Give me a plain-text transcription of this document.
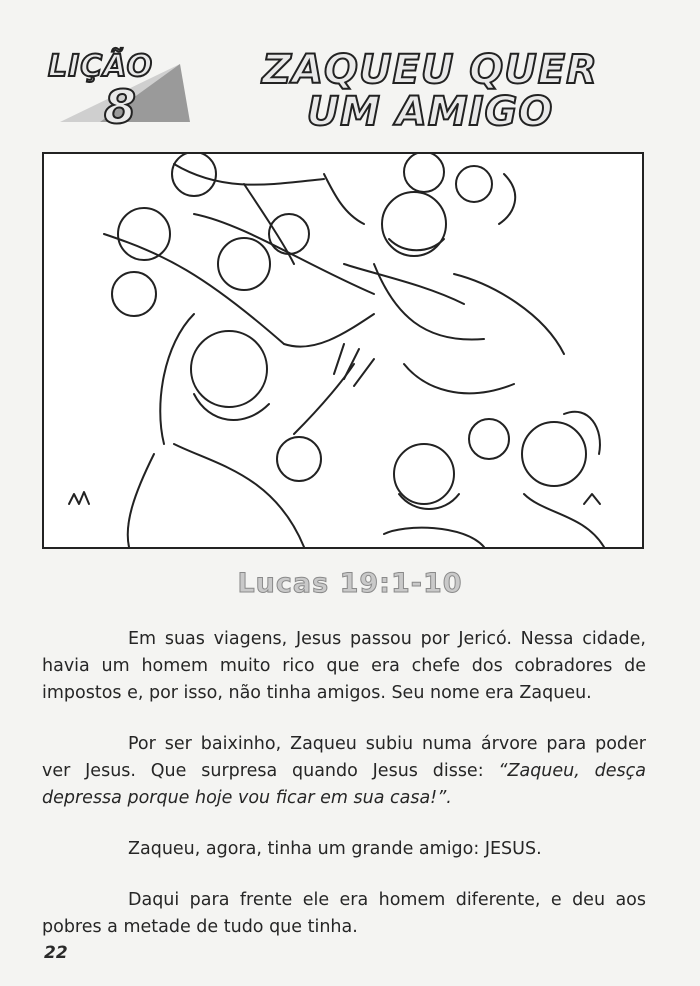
LIÇÃO
8
ZAQUEU QUER
UM AMIGO
Lucas 19:1-10

Em suas viagens, Jesus passou por Jericó. Nessa cidade, havia um homem muito rico que era chefe dos cobradores de impostos e, por isso, não tinha amigos. Seu nome era Zaqueu.

Por ser baixinho, Zaqueu subiu numa árvore para poder ver Jesus. Que surpresa quando Jesus disse: “Zaqueu, desça depressa porque hoje vou ficar em sua casa!”.

Zaqueu, agora, tinha um grande amigo: JESUS.

Daqui para frente ele era homem diferente, e deu aos pobres a metade de tudo que tinha.

22
